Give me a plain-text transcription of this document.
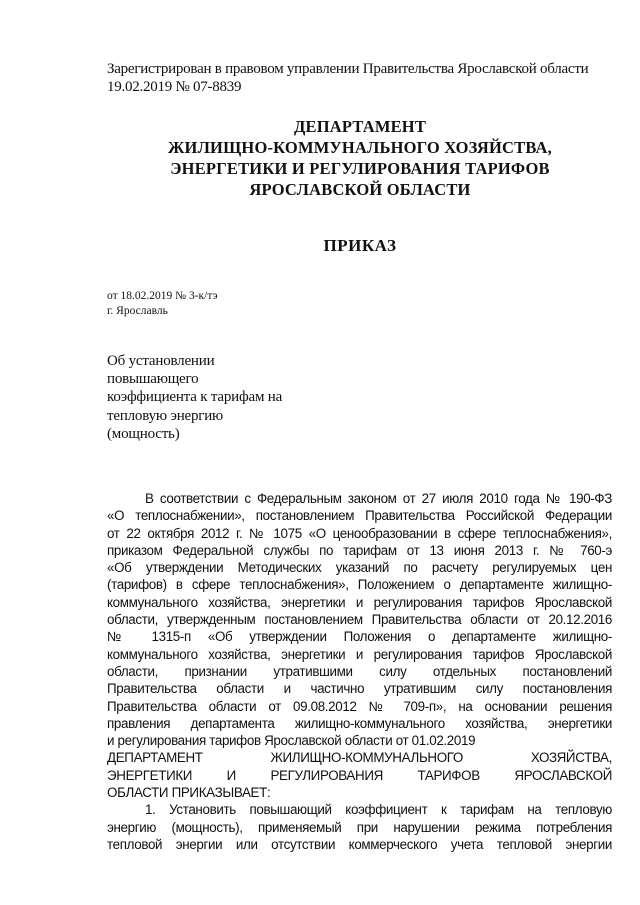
Зарегистрирован в правовом управлении Правительства Ярославской области
19.02.2019 № 07-8839
ДЕПАРТАМЕНТ
ЖИЛИЩНО-КОММУНАЛЬНОГО ХОЗЯЙСТВА,
ЭНЕРГЕТИКИ И РЕГУЛИРОВАНИЯ ТАРИФОВ
ЯРОСЛАВСКОЙ ОБЛАСТИ
ПРИКАЗ
от 18.02.2019 № 3-к/тэ
г. Ярославль
Об установлении
повышающего
коэффициента к тарифам на
тепловую энергию
(мощность)
В соответствии с Федеральным законом от 27 июля 2010 года № 190-ФЗ
«О теплоснабжении», постановлением Правительства Российской Федерации
от 22 октября 2012 г. № 1075 «О ценообразовании в сфере теплоснабжения»,
приказом Федеральной службы по тарифам от 13 июня 2013 г. № 760-э
«Об утверждении Методических указаний по расчету регулируемых цен
(тарифов) в сфере теплоснабжения», Положением о департаменте жилищно-
коммунального хозяйства, энергетики и регулирования тарифов Ярославской
области, утвержденным постановлением Правительства области от 20.12.2016
№ 1315-п «Об утверждении Положения о департаменте жилищно-
коммунального хозяйства, энергетики и регулирования тарифов Ярославской
области, признании утратившими силу отдельных постановлений
Правительства области и частично утратившим силу постановления
Правительства области от 09.08.2012 № 709-п», на основании решения
правления департамента жилищно-коммунального хозяйства, энергетики
и регулирования тарифов Ярославской области от 01.02.2019
ДЕПАРТАМЕНТ ЖИЛИЩНО-КОММУНАЛЬНОГО ХОЗЯЙСТВА,
ЭНЕРГЕТИКИ И РЕГУЛИРОВАНИЯ ТАРИФОВ ЯРОСЛАВСКОЙ
ОБЛАСТИ ПРИКАЗЫВАЕТ:
1. Установить повышающий коэффициент к тарифам на тепловую
энергию (мощность), применяемый при нарушении режима потребления
тепловой энергии или отсутствии коммерческого учета тепловой энергии
